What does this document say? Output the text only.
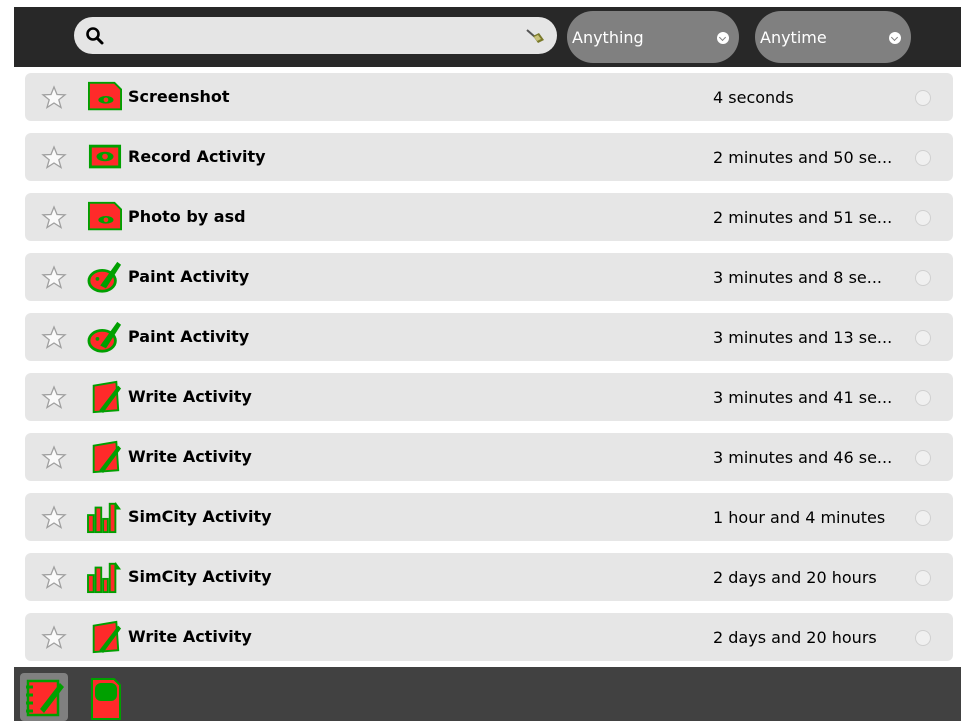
Anything	Anytime
Screenshot	4 seconds
Record Activity	2 minutes and 50 se...
Photo by asd	2 minutes and 51 se...
Paint Activity	3 minutes and 8 se...
Paint Activity	3 minutes and 13 se...
Write Activity	3 minutes and 41 se...
Write Activity	3 minutes and 46 se...
SimCity Activity	1 hour and 4 minutes
SimCity Activity	2 days and 20 hours
Write Activity	2 days and 20 hours
